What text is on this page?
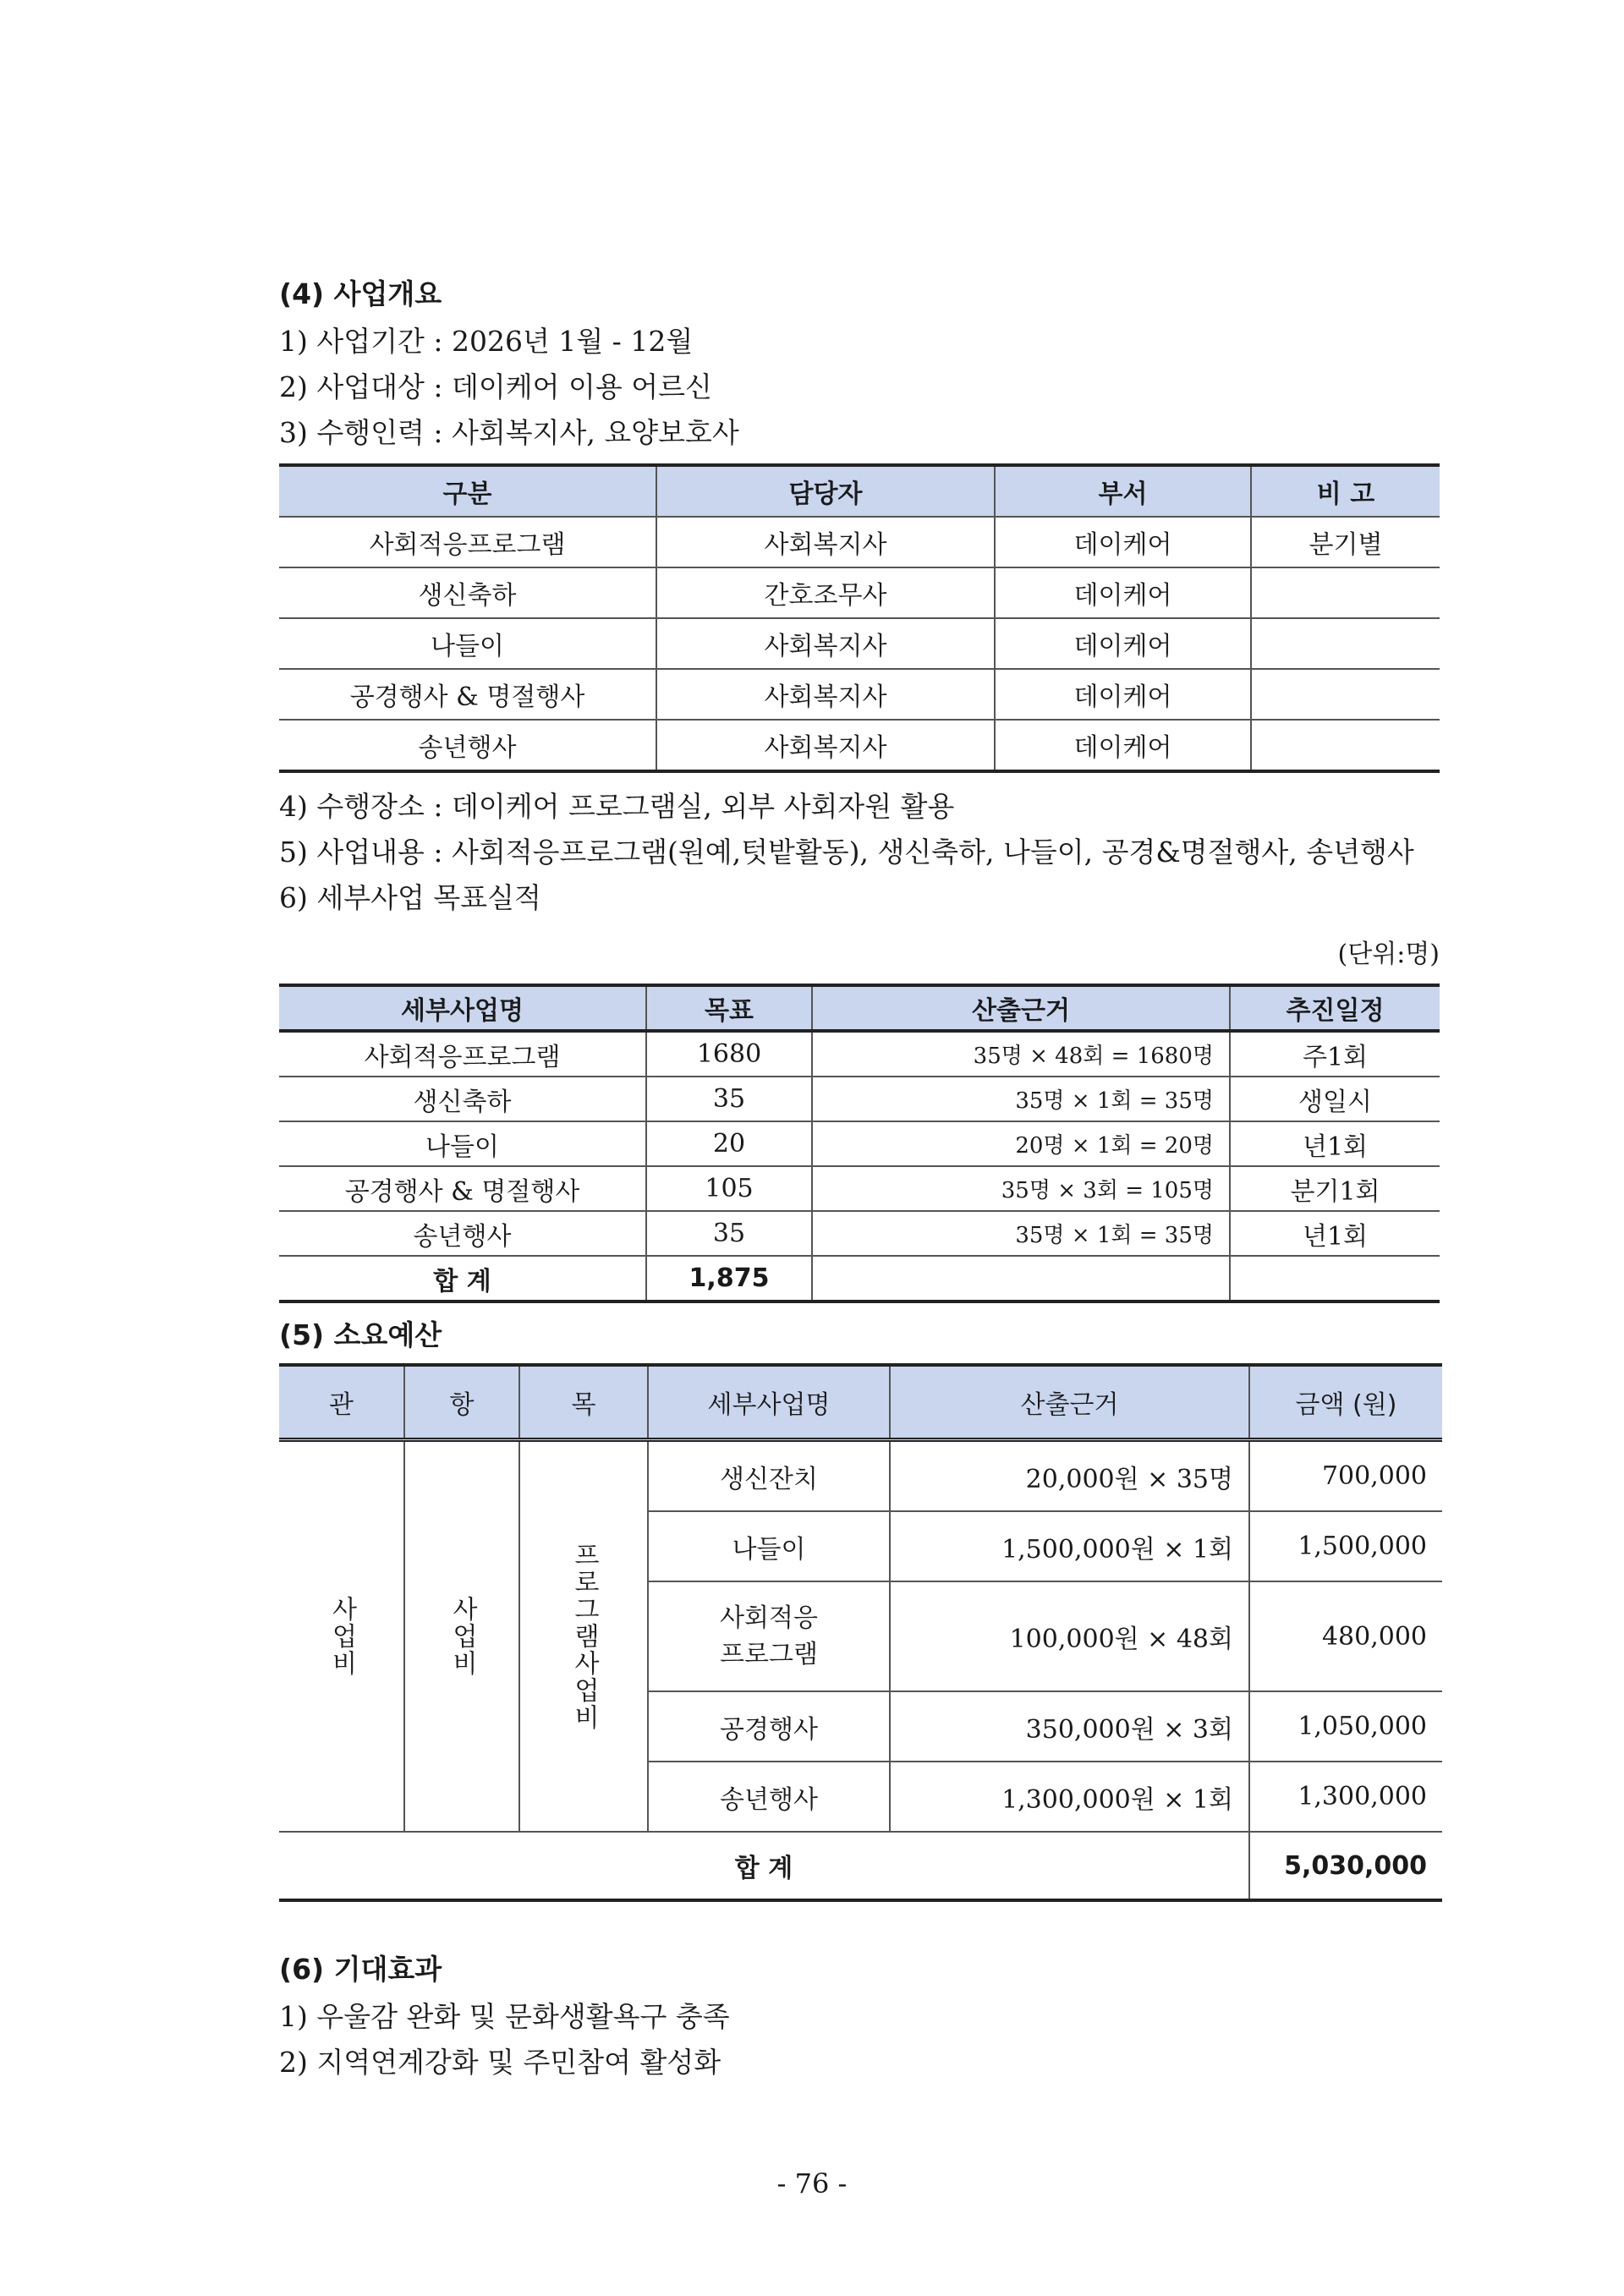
(4) 사업개요
1) 사업기간 : 2026년 1월 - 12월
2) 사업대상 : 데이케어 이용 어르신
3) 수행인력 : 사회복지사, 요양보호사
구분	담당자	부서	비 고
사회적응프로그램	사회복지사	데이케어	분기별
생신축하	간호조무사	데이케어	
나들이	사회복지사	데이케어	
공경행사 & 명절행사	사회복지사	데이케어	
송년행사	사회복지사	데이케어	
4) 수행장소 : 데이케어 프로그램실, 외부 사회자원 활용
5) 사업내용 : 사회적응프로그램(원예,텃밭활동), 생신축하, 나들이, 공경&명절행사, 송년행사
6) 세부사업 목표실적
(단위:명)
세부사업명	목표	산출근거	추진일정
사회적응프로그램	1680	35명 × 48회 = 1680명	주1회
생신축하	35	35명 × 1회 = 35명	생일시
나들이	20	20명 × 1회 = 20명	년1회
공경행사 & 명절행사	105	35명 × 3회 = 105명	분기1회
송년행사	35	35명 × 1회 = 35명	년1회
합 계	1,875		
(5) 소요예산
관	항	목	세부사업명	산출근거	금액 (원)
사업비	사업비	프로그램사업비	생신잔치	20,000원 × 35명	700,000
			나들이	1,500,000원 × 1회	1,500,000
			사회적응
프로그램	100,000원 × 48회	480,000
			공경행사	350,000원 × 3회	1,050,000
			송년행사	1,300,000원 × 1회	1,300,000
합 계					5,030,000
(6) 기대효과
1) 우울감 완화 및 문화생활욕구 충족
2) 지역연계강화 및 주민참여 활성화
- 76 -
